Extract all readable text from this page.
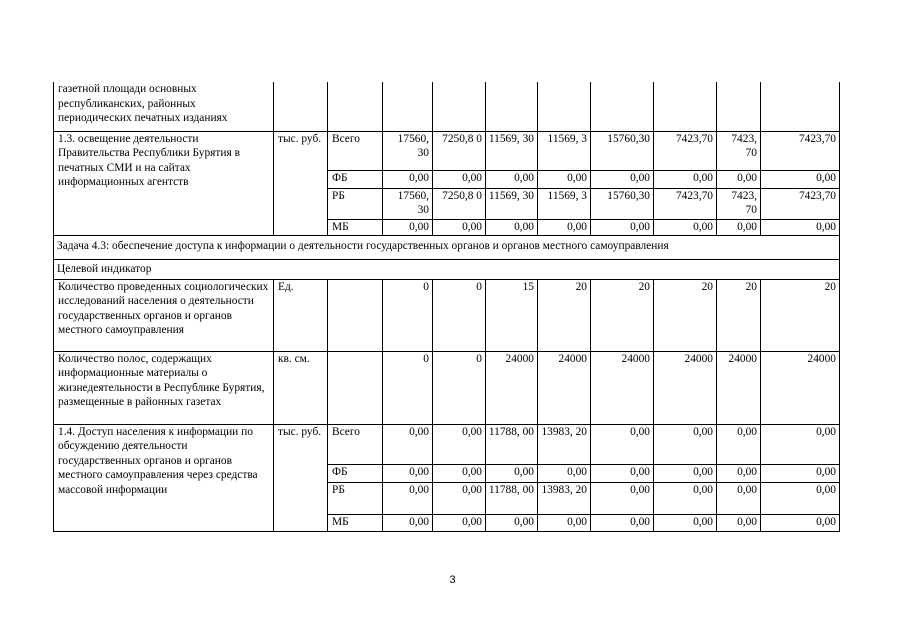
газетной площади основных республиканских, районных периодических печатных изданиях										
1.3. освещение деятельности Правительства Республики Бурятия в печатных СМИ и на сайтах информационных агентств	тыс. руб.	Всего	17560, 30	7250,8 0	11569, 30	11569, 3	15760,30	7423,70	7423, 70	7423,70
		ФБ	0,00	0,00	0,00	0,00	0,00	0,00	0,00	0,00
		РБ	17560, 30	7250,8 0	11569, 30	11569, 3	15760,30	7423,70	7423, 70	7423,70
		МБ	0,00	0,00	0,00	0,00	0,00	0,00	0,00	0,00
Задача 4.3: обеспечение доступа к информации о деятельности государственных органов и органов местного самоуправления										
Целевой индикатор										
Количество проведенных социологических исследований населения о деятельности государственных органов и органов местного самоуправления	Ед.		0	0	15	20	20	20	20	20
Количество полос, содержащих информационные материалы о жизнедеятельности в Республике Бурятия, размещенные в районных газетах	кв. см.		0	0	24000	24000	24000	24000	24000	24000
1.4. Доступ населения к информации по обсуждению деятельности государственных органов и органов местного самоуправления через средства массовой информации	тыс. руб.	Всего	0,00	0,00	11788, 00	13983, 20	0,00	0,00	0,00	0,00
		ФБ	0,00	0,00	0,00	0,00	0,00	0,00	0,00	0,00
		РБ	0,00	0,00	11788, 00	13983, 20	0,00	0,00	0,00	0,00
		МБ	0,00	0,00	0,00	0,00	0,00	0,00	0,00	0,00
3
